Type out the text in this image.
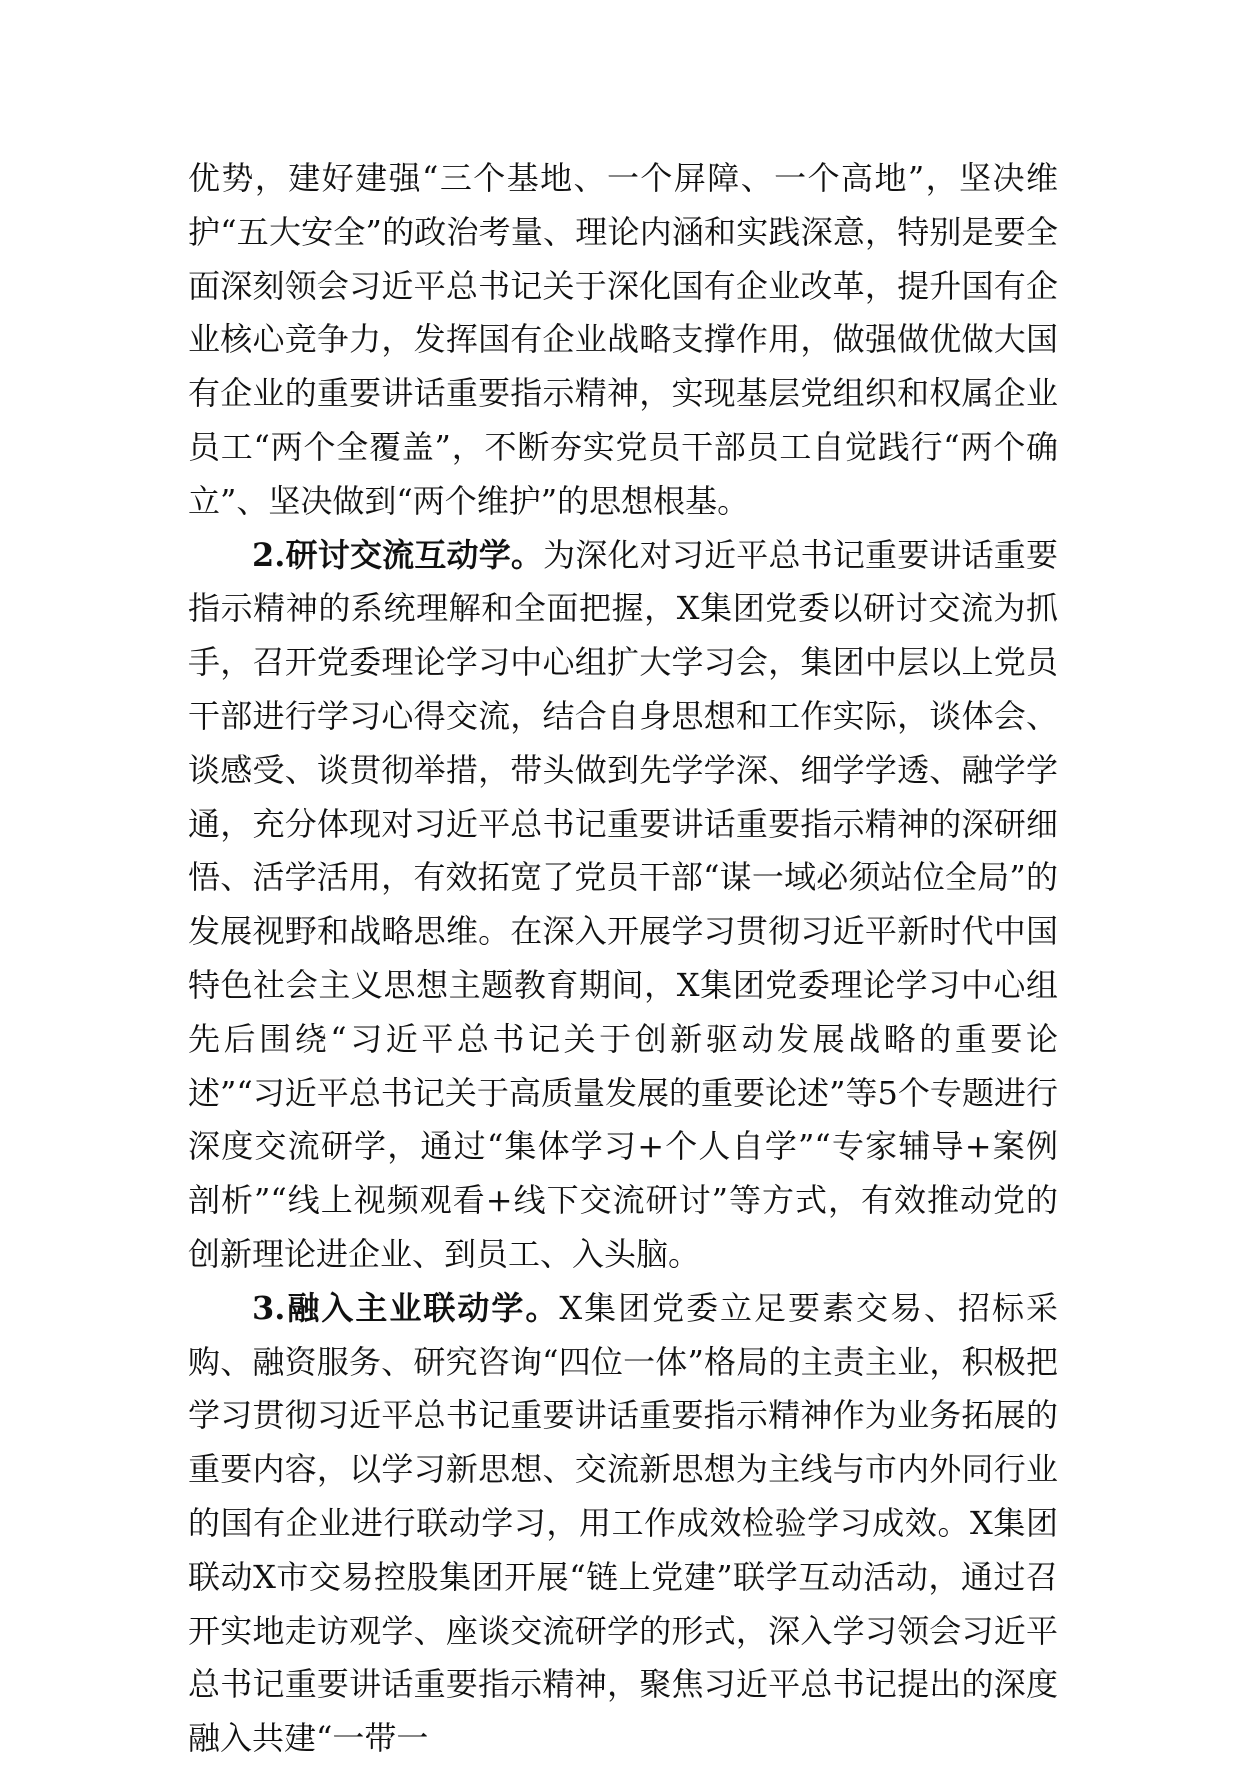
优势，建好建强“三个基地、一个屏障、一个高地”，坚决维护“五大安全”的政治考量、理论内涵和实践深意，特别是要全面深刻领会习近平总书记关于深化国有企业改革，提升国有企业核心竞争力，发挥国有企业战略支撑作用，做强做优做大国有企业的重要讲话重要指示精神，实现基层党组织和权属企业员工“两个全覆盖”，不断夯实党员干部员工自觉践行“两个确立”、坚决做到“两个维护”的思想根基。

2.研讨交流互动学。为深化对习近平总书记重要讲话重要指示精神的系统理解和全面把握，X集团党委以研讨交流为抓手，召开党委理论学习中心组扩大学习会，集团中层以上党员干部进行学习心得交流，结合自身思想和工作实际，谈体会、谈感受、谈贯彻举措，带头做到先学学深、细学学透、融学学通，充分体现对习近平总书记重要讲话重要指示精神的深研细悟、活学活用，有效拓宽了党员干部“谋一域必须站位全局”的发展视野和战略思维。在深入开展学习贯彻习近平新时代中国特色社会主义思想主题教育期间，X集团党委理论学习中心组先后围绕“习近平总书记关于创新驱动发展战略的重要论述”“习近平总书记关于高质量发展的重要论述”等5个专题进行深度交流研学，通过“集体学习+个人自学”“专家辅导+案例剖析”“线上视频观看+线下交流研讨”等方式，有效推动党的创新理论进企业、到员工、入头脑。

3.融入主业联动学。X集团党委立足要素交易、招标采购、融资服务、研究咨询“四位一体”格局的主责主业，积极把学习贯彻习近平总书记重要讲话重要指示精神作为业务拓展的重要内容，以学习新思想、交流新思想为主线与市内外同行业的国有企业进行联动学习，用工作成效检验学习成效。X集团联动X市交易控股集团开展“链上党建”联学互动活动，通过召开实地走访观学、座谈交流研学的形式，深入学习领会习近平总书记重要讲话重要指示精神，聚焦习近平总书记提出的深度融入共建“一带一
